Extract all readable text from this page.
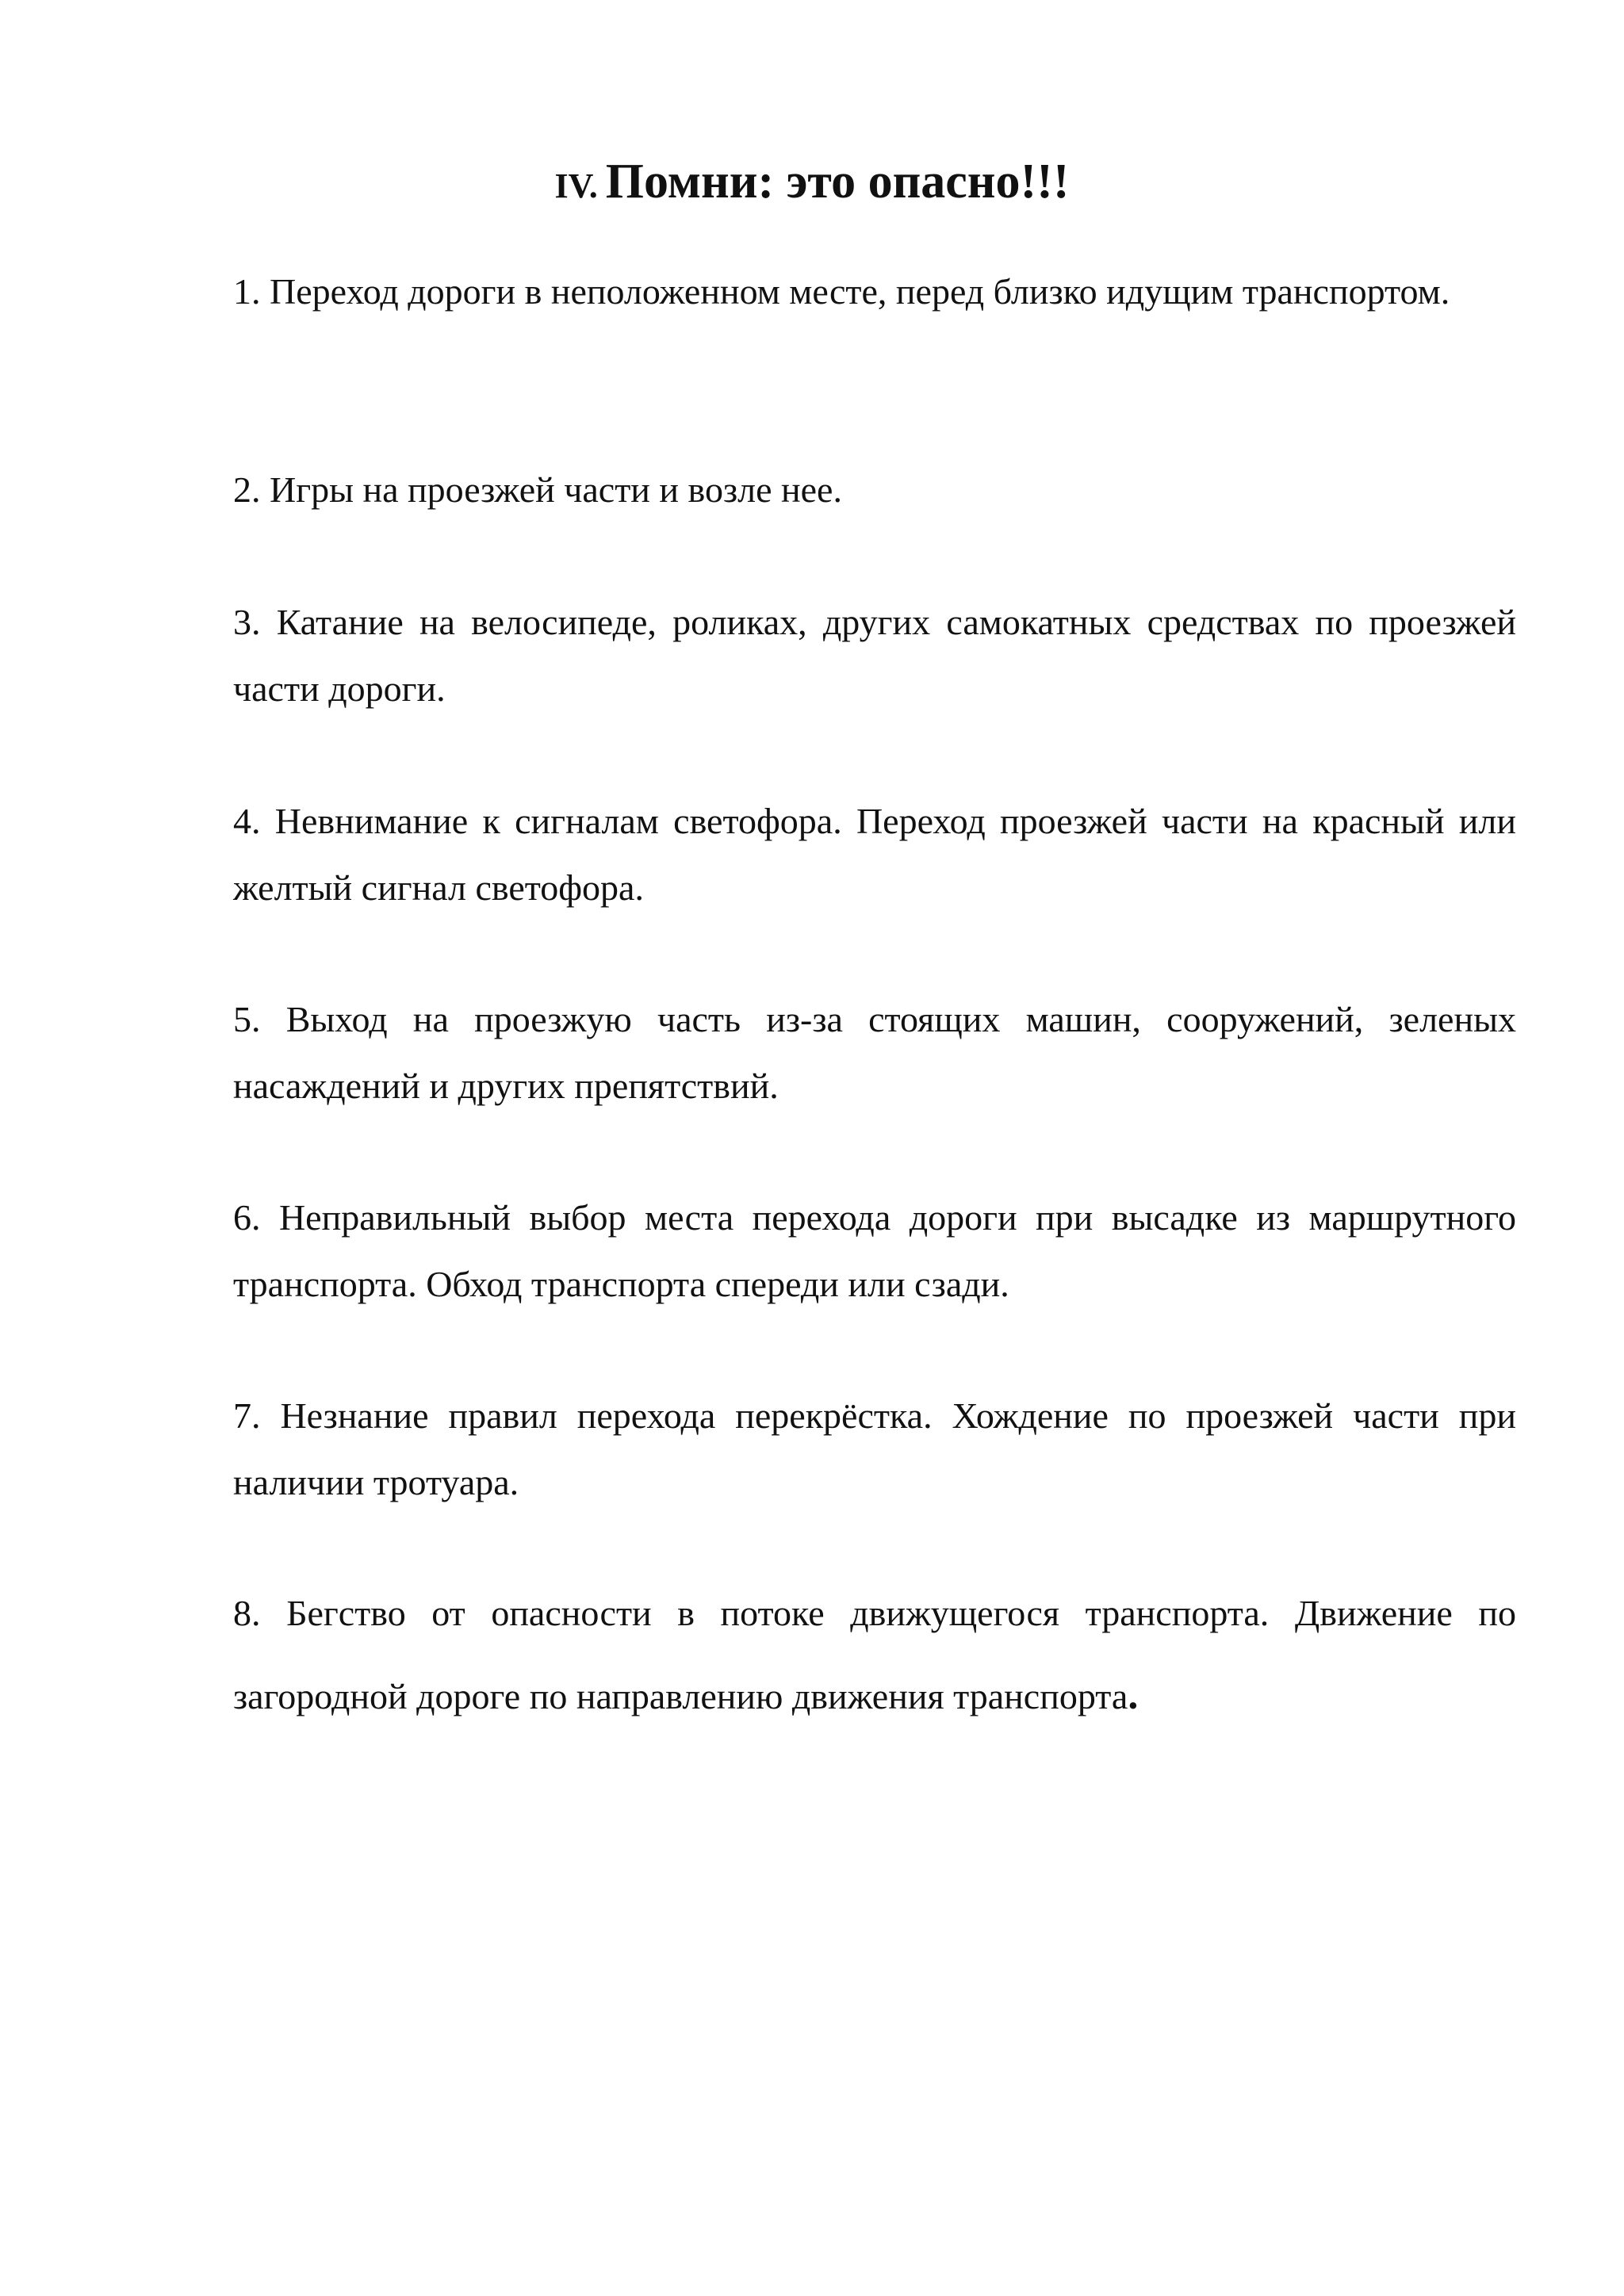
IV. Помни: это опасно!!!
1. Переход дороги в неположенном месте, перед близко идущим транспортом.
2. Игры на проезжей части и возле нее.
3. Катание на велосипеде, роликах, других самокатных средствах по проезжей части дороги.
4. Невнимание к сигналам светофора. Переход проезжей части на красный или желтый сигнал светофора.
5. Выход на проезжую часть из-за стоящих машин, сооружений, зеленых насаждений и других препятствий.
6. Неправильный выбор места перехода дороги при высадке из маршрутного транспорта. Обход транспорта спереди или сзади.
7. Незнание правил перехода перекрёстка. Хождение по проезжей части при наличии тротуара.
8. Бегство от опасности в потоке движущегося транспорта. Движение по загородной дороге по направлению движения транспорта.
